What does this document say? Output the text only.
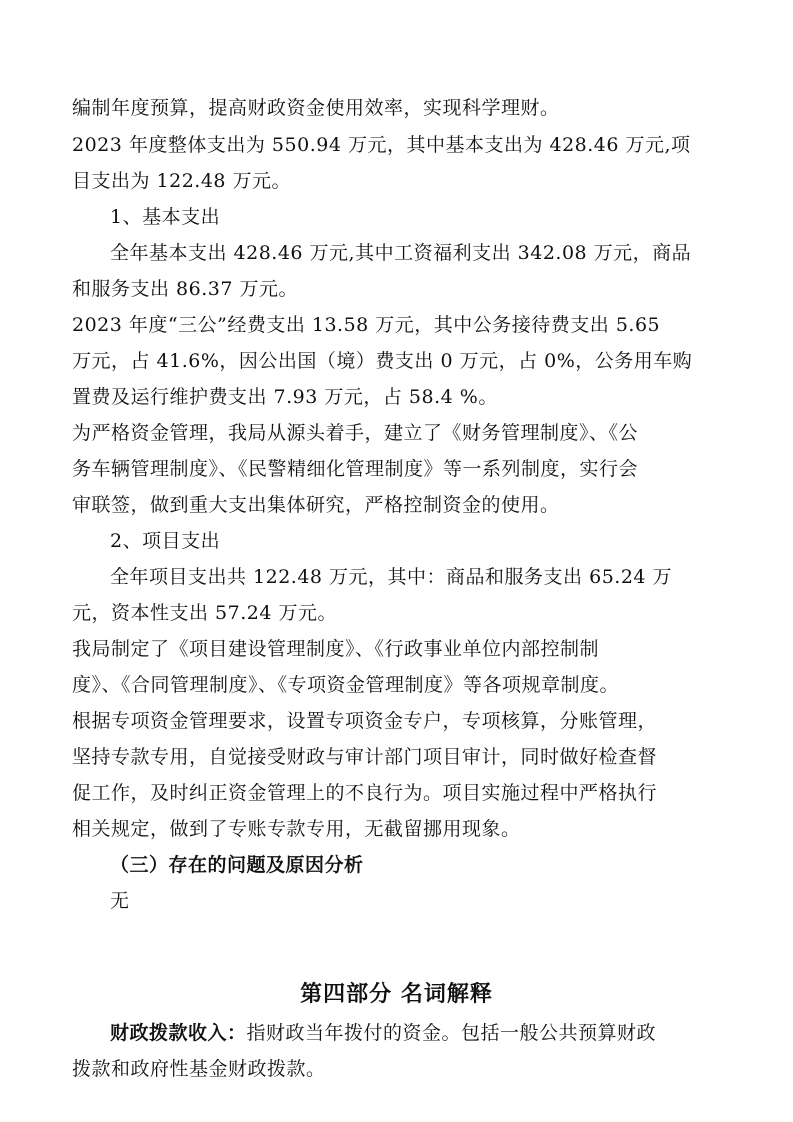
编制年度预算，提高财政资金使用效率，实现科学理财。
2023 年度整体支出为 550.94 万元，其中基本支出为 428.46 万元,项
目支出为 122.48 万元。
1、基本支出
全年基本支出 428.46 万元,其中工资福利支出 342.08 万元，商品
和服务支出 86.37 万元。
2023 年度“三公”经费支出 13.58 万元，其中公务接待费支出 5.65
万元，占 41.6%，因公出国（境）费支出 0 万元，占 0%，公务用车购
置费及运行维护费支出 7.93 万元，占 58.4 %。
为严格资金管理，我局从源头着手，建立了《财务管理制度》、《公
务车辆管理制度》、《民警精细化管理制度》等一系列制度，实行会
审联签，做到重大支出集体研究，严格控制资金的使用。
2、项目支出
全年项目支出共 122.48 万元，其中：商品和服务支出 65.24 万
元，资本性支出 57.24 万元。
我局制定了《项目建设管理制度》、《行政事业单位内部控制制
度》、《合同管理制度》、《专项资金管理制度》等各项规章制度。
根据专项资金管理要求，设置专项资金专户，专项核算，分账管理，
坚持专款专用，自觉接受财政与审计部门项目审计，同时做好检查督
促工作，及时纠正资金管理上的不良行为。项目实施过程中严格执行
相关规定，做到了专账专款专用，无截留挪用现象。
（三）存在的问题及原因分析
无
第四部分 名词解释
财政拨款收入：指财政当年拨付的资金。包括一般公共预算财政
拨款和政府性基金财政拨款。
